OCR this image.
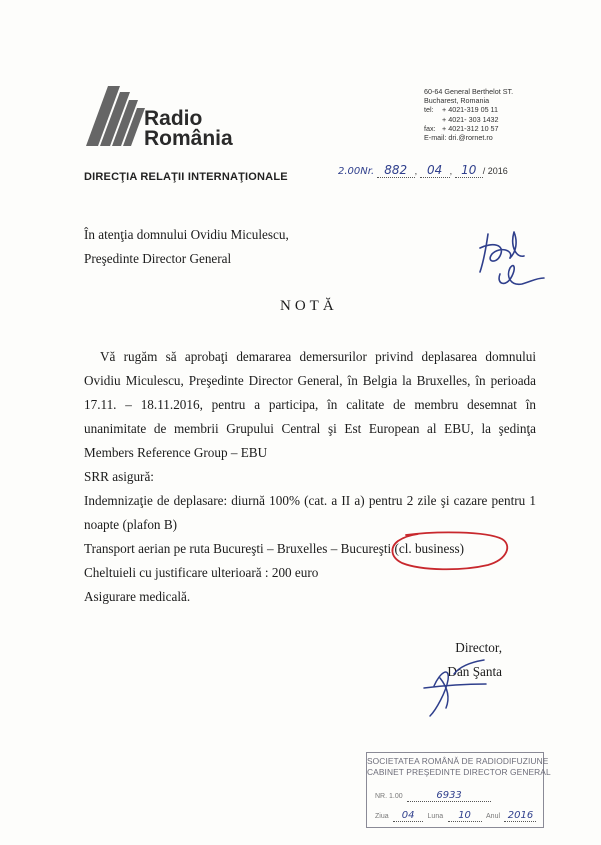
Radio
România
60-64 General Berthelot ST.
Bucharest, Romania
tel: + 4021-319 05 11
+ 4021- 303 1432
fax: + 4021-312 10 57
E-mail: dri.@rornet.ro
DIRECŢIA RELAŢII INTERNAŢIONALE	2.00Nr. 882 , 04 , 10 / 2016
În atenţia domnului Ovidiu Miculescu,
Preşedinte Director General
NOTĂ
Vă rugăm să aprobaţi demararea demersurilor privind deplasarea domnului Ovidiu Miculescu, Preşedinte Director General, în Belgia la Bruxelles, în perioada 17.11. – 18.11.2016, pentru a participa, în calitate de membru desemnat în unanimitate de membrii Grupului Central şi Est European al EBU, la şedinţa Members Reference Group – EBU
SRR asigură:
Indemnizaţie de deplasare: diurnă 100% (cat. a II a) pentru 2 zile şi cazare pentru 1 noapte (plafon B)
Transport aerian pe ruta Bucureşti – Bruxelles – Bucureşti (cl. business)
Cheltuieli cu justificare ulterioară : 200 euro
Asigurare medicală.
Director,
Dan Şanta
SOCIETATEA ROMÂNĂ DE RADIODIFUZIUNE
CABINET PREŞEDINTE DIRECTOR GENERAL
NR. 1.00	6933
Ziua 04 Luna 10 Anul 2016
